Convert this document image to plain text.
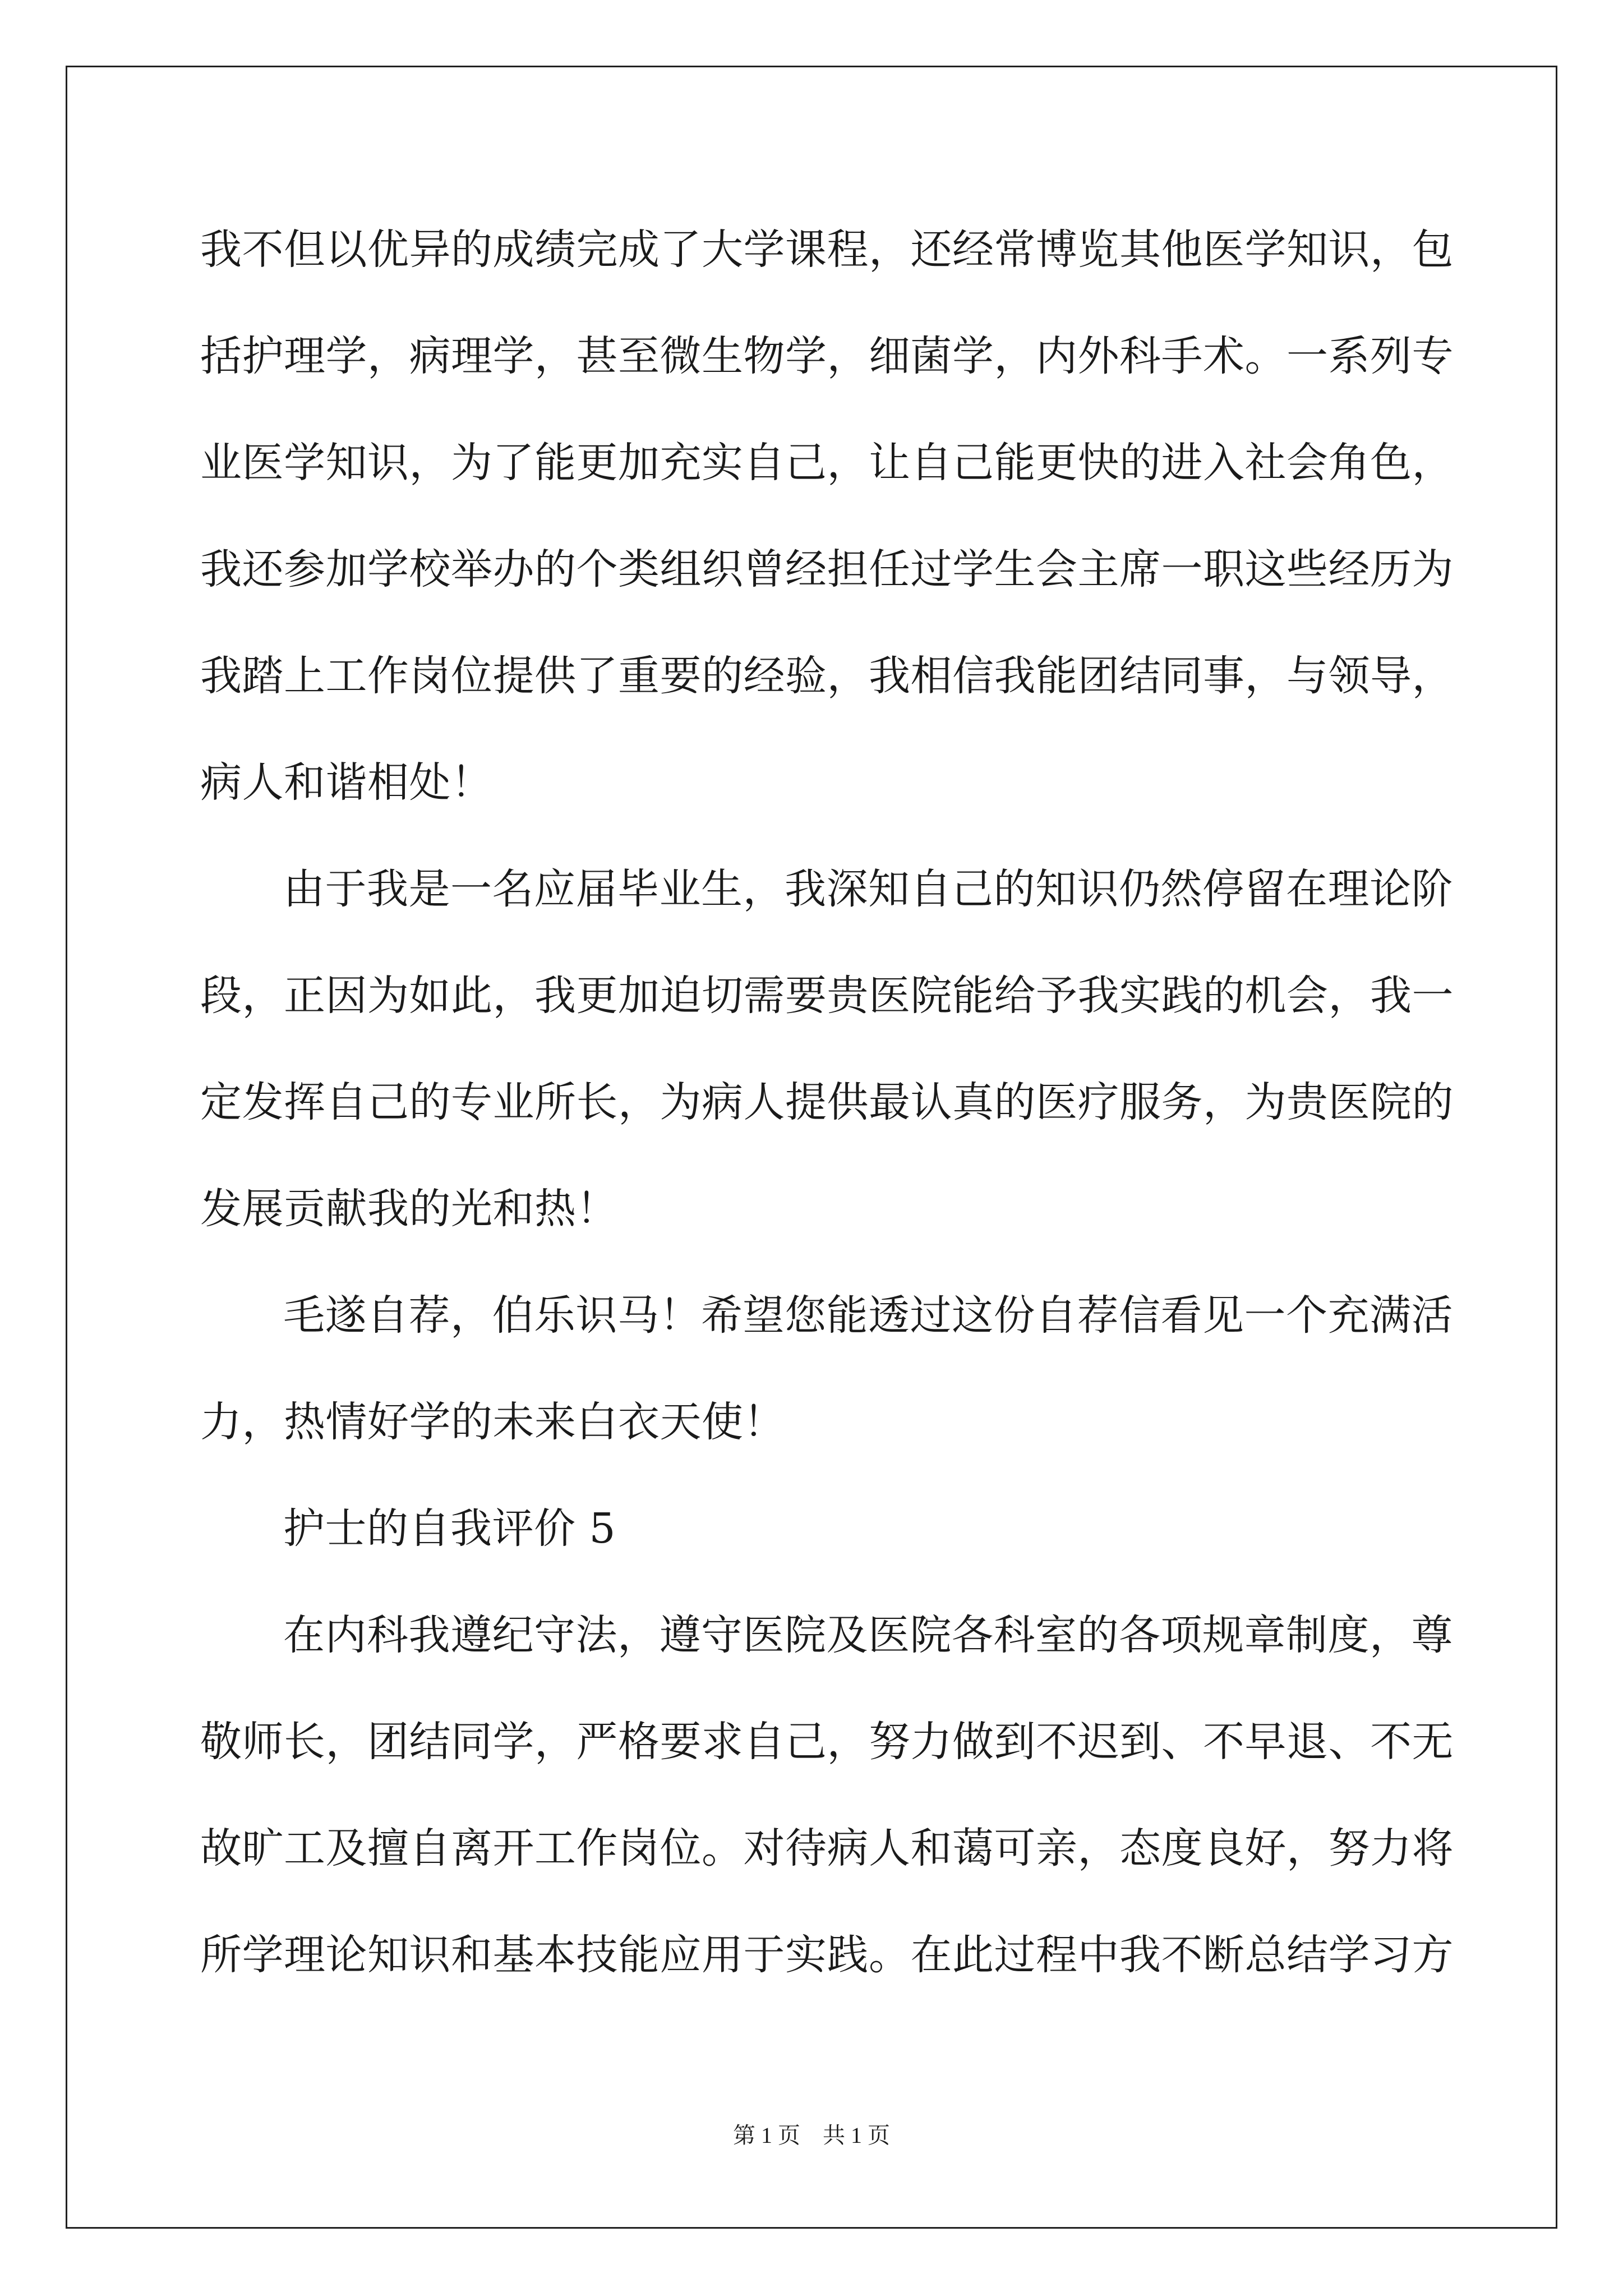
我不但以优异的成绩完成了大学课程，还经常博览其他医学知识，包
括护理学，病理学，甚至微生物学，细菌学，内外科手术。一系列专
业医学知识，为了能更加充实自己，让自己能更快的进入社会角色，
我还参加学校举办的个类组织曾经担任过学生会主席一职这些经历为
我踏上工作岗位提供了重要的经验，我相信我能团结同事，与领导，
病人和谐相处！
由于我是一名应届毕业生，我深知自己的知识仍然停留在理论阶
段，正因为如此，我更加迫切需要贵医院能给予我实践的机会，我一
定发挥自己的专业所长，为病人提供最认真的医疗服务，为贵医院的
发展贡献我的光和热！
毛遂自荐，伯乐识马！希望您能透过这份自荐信看见一个充满活
力，热情好学的未来白衣天使！
护士的自我评价 5
在内科我遵纪守法，遵守医院及医院各科室的各项规章制度，尊
敬师长，团结同学，严格要求自己，努力做到不迟到、不早退、不无
故旷工及擅自离开工作岗位。对待病人和蔼可亲，态度良好，努力将
所学理论知识和基本技能应用于实践。在此过程中我不断总结学习方
第 1 页　共 1 页
